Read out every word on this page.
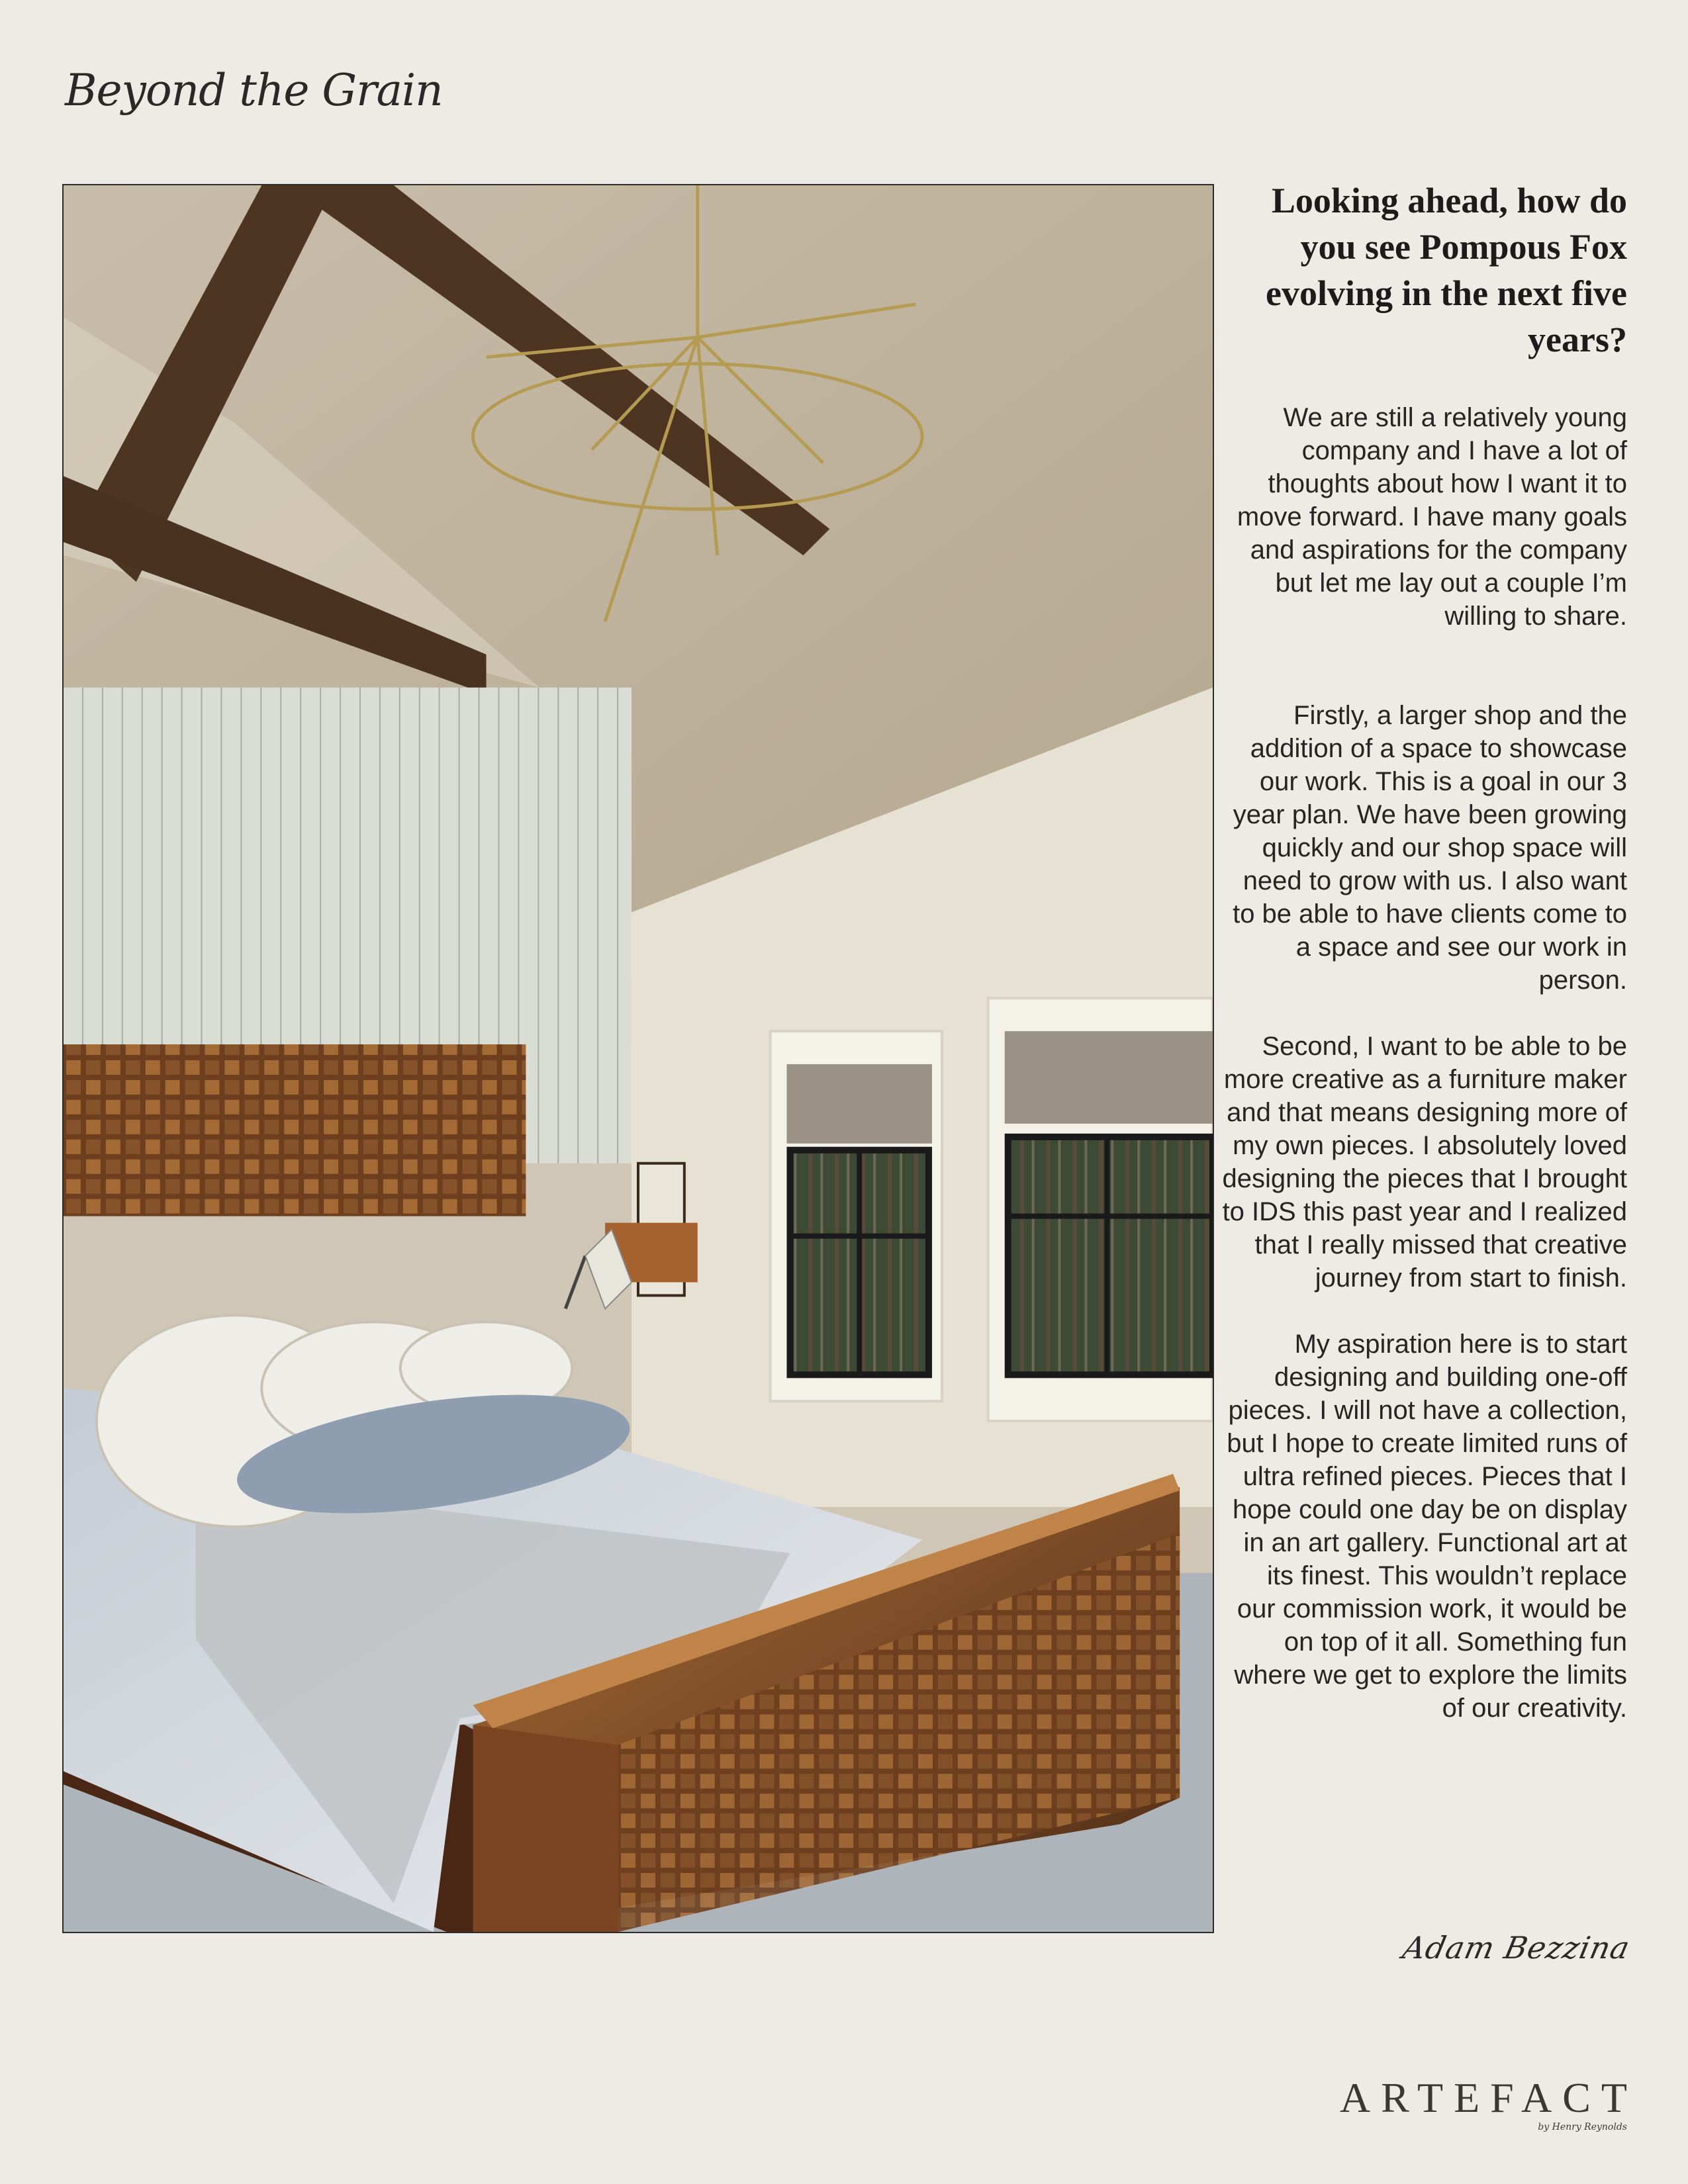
Beyond the Grain
Looking ahead, how do you see Pompous Fox evolving in the next five years?

We are still a relatively young company and I have a lot of thoughts about how I want it to move forward. I have many goals and aspirations for the company but let me lay out a couple I’m willing to share.

Firstly, a larger shop and the addition of a space to showcase our work. This is a goal in our 3 year plan. We have been growing quickly and our shop space will need to grow with us. I also want to be able to have clients come to a space and see our work in person.

Second, I want to be able to be more creative as a furniture maker and that means designing more of my own pieces. I absolutely loved designing the pieces that I brought to IDS this past year and I realized that I really missed that creative journey from start to finish.

My aspiration here is to start designing and building one-off pieces. I will not have a collection, but I hope to create limited runs of ultra refined pieces. Pieces that I hope could one day be on display in an art gallery. Functional art at its finest. This wouldn’t replace our commission work, it would be on top of it all. Something fun where we get to explore the limits of our creativity.

Adam Bezzina
ARTEFACT
by Henry Reynolds
